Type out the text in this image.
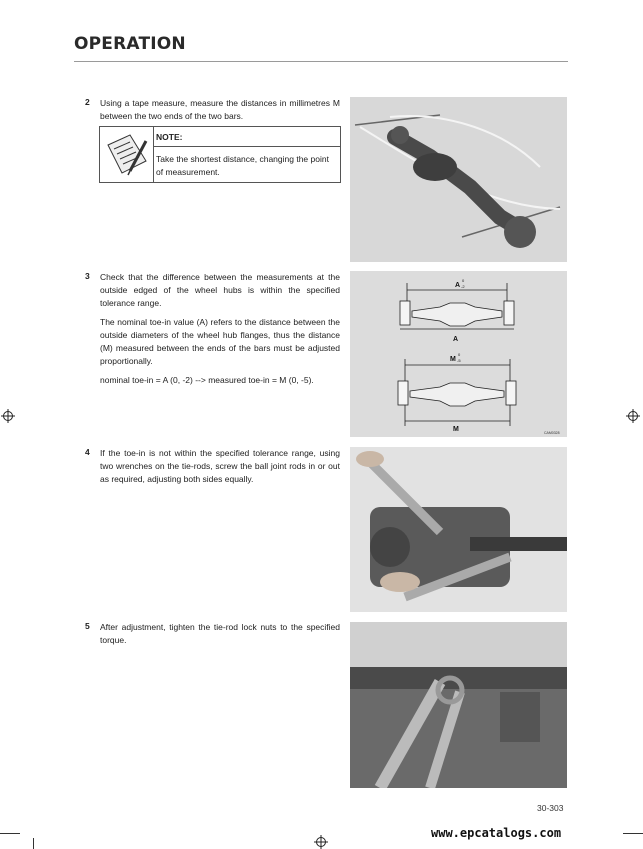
OPERATION
2 Using a tape measure, measure the distances in millimetres M between the two ends of the two bars.
NOTE:
Take the shortest distance, changing the point of measurement.
3 Check that the difference between the measurements at the outside edged of the wheel hubs is within the specified tolerance range.

The nominal toe-in value (A) refers to the distance between the outside diameters of the wheel hub flanges, thus the distance (M) measured between the ends of the bars must be adjusted proportionally.

nominal toe-in = A (0, -2) --> measured toe-in = M (0, -5).

A
0
-2
A
M
0
-5
M	CAM0328
4 If the toe-in is not within the specified tolerance range, using two wrenches on the tie-rods, screw the ball joint rods in or out as required, adjusting both sides equally.
5 After adjustment, tighten the tie-rod lock nuts to the specified torque.
30-303
www.epcatalogs.com
